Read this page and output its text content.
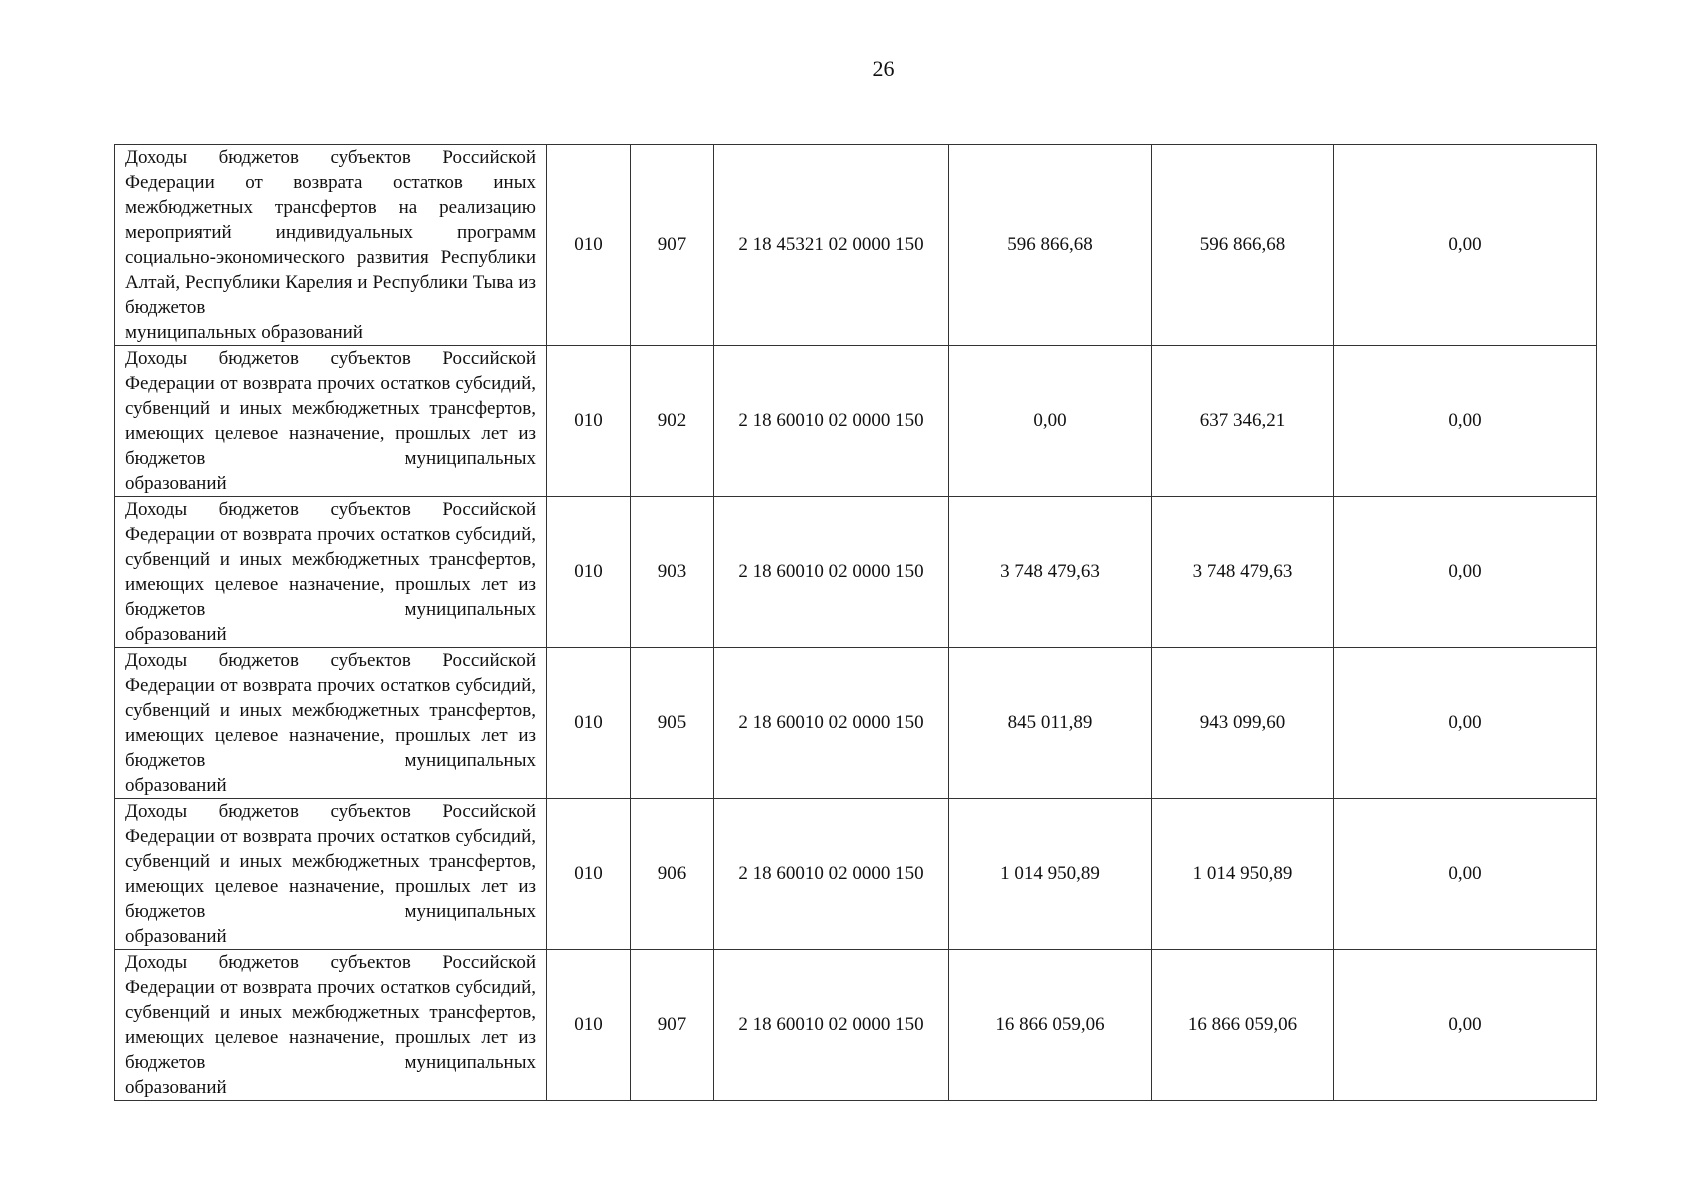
26
Доходы бюджетов субъектов Российской Федерации от возврата остатков иных межбюджетных трансфертов на реализацию мероприятий индивидуальных программ социально-экономического развития Республики Алтай, Республики Карелия и Республики Тыва из бюджетов
муниципальных образований	010	907	2 18 45321 02 0000 150	596 866,68	596 866,68	0,00
Доходы бюджетов субъектов Российской Федерации от возврата прочих остатков субсидий, субвенций и иных межбюджетных трансфертов, имеющих целевое назначение, прошлых лет из бюджетов муниципальных
образований	010	902	2 18 60010 02 0000 150	0,00	637 346,21	0,00
Доходы бюджетов субъектов Российской Федерации от возврата прочих остатков субсидий, субвенций и иных межбюджетных трансфертов, имеющих целевое назначение, прошлых лет из бюджетов муниципальных
образований	010	903	2 18 60010 02 0000 150	3 748 479,63	3 748 479,63	0,00
Доходы бюджетов субъектов Российской Федерации от возврата прочих остатков субсидий, субвенций и иных межбюджетных трансфертов, имеющих целевое назначение, прошлых лет из бюджетов муниципальных
образований	010	905	2 18 60010 02 0000 150	845 011,89	943 099,60	0,00
Доходы бюджетов субъектов Российской Федерации от возврата прочих остатков субсидий, субвенций и иных межбюджетных трансфертов, имеющих целевое назначение, прошлых лет из бюджетов муниципальных
образований	010	906	2 18 60010 02 0000 150	1 014 950,89	1 014 950,89	0,00
Доходы бюджетов субъектов Российской Федерации от возврата прочих остатков субсидий, субвенций и иных межбюджетных трансфертов, имеющих целевое назначение, прошлых лет из бюджетов муниципальных
образований	010	907	2 18 60010 02 0000 150	16 866 059,06	16 866 059,06	0,00
